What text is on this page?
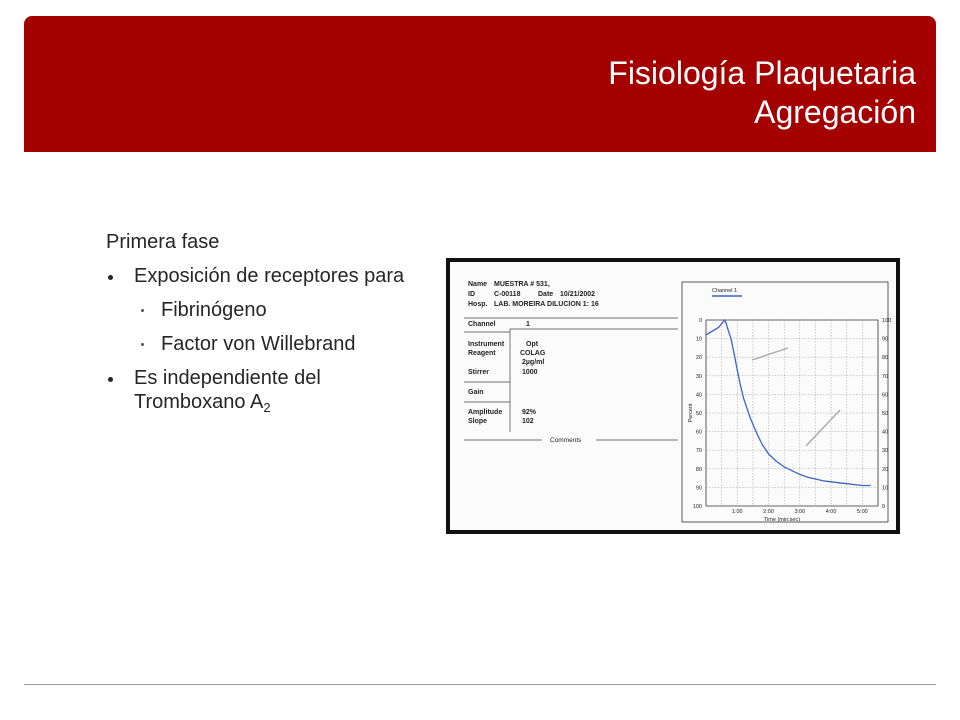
Fisiología Plaquetaria
Agregación
Primera fase
Exposición de receptores para
Fibrinógeno
Factor von Willebrand
Es independiente del Tromboxano $A_2$
Name MUESTRA # 531,
ID	C-00118	Date 10/21/2002
Hosp. LAB. MOREIRA DILUCION 1: 16
Channel	1
Instrument	Opt
Reagent	COLAG
2µg/ml
Stirrer	1000
Gain
Amplitude	92%
Slope	102
Comments
0	100
10	90
20	80
30	70
40	60
50	50
60	40
70	30
80	20
90	10
100	0
1:00	2:00	3:00	4:00	5:00
Time (min:sec)
Percent
Channel 1
